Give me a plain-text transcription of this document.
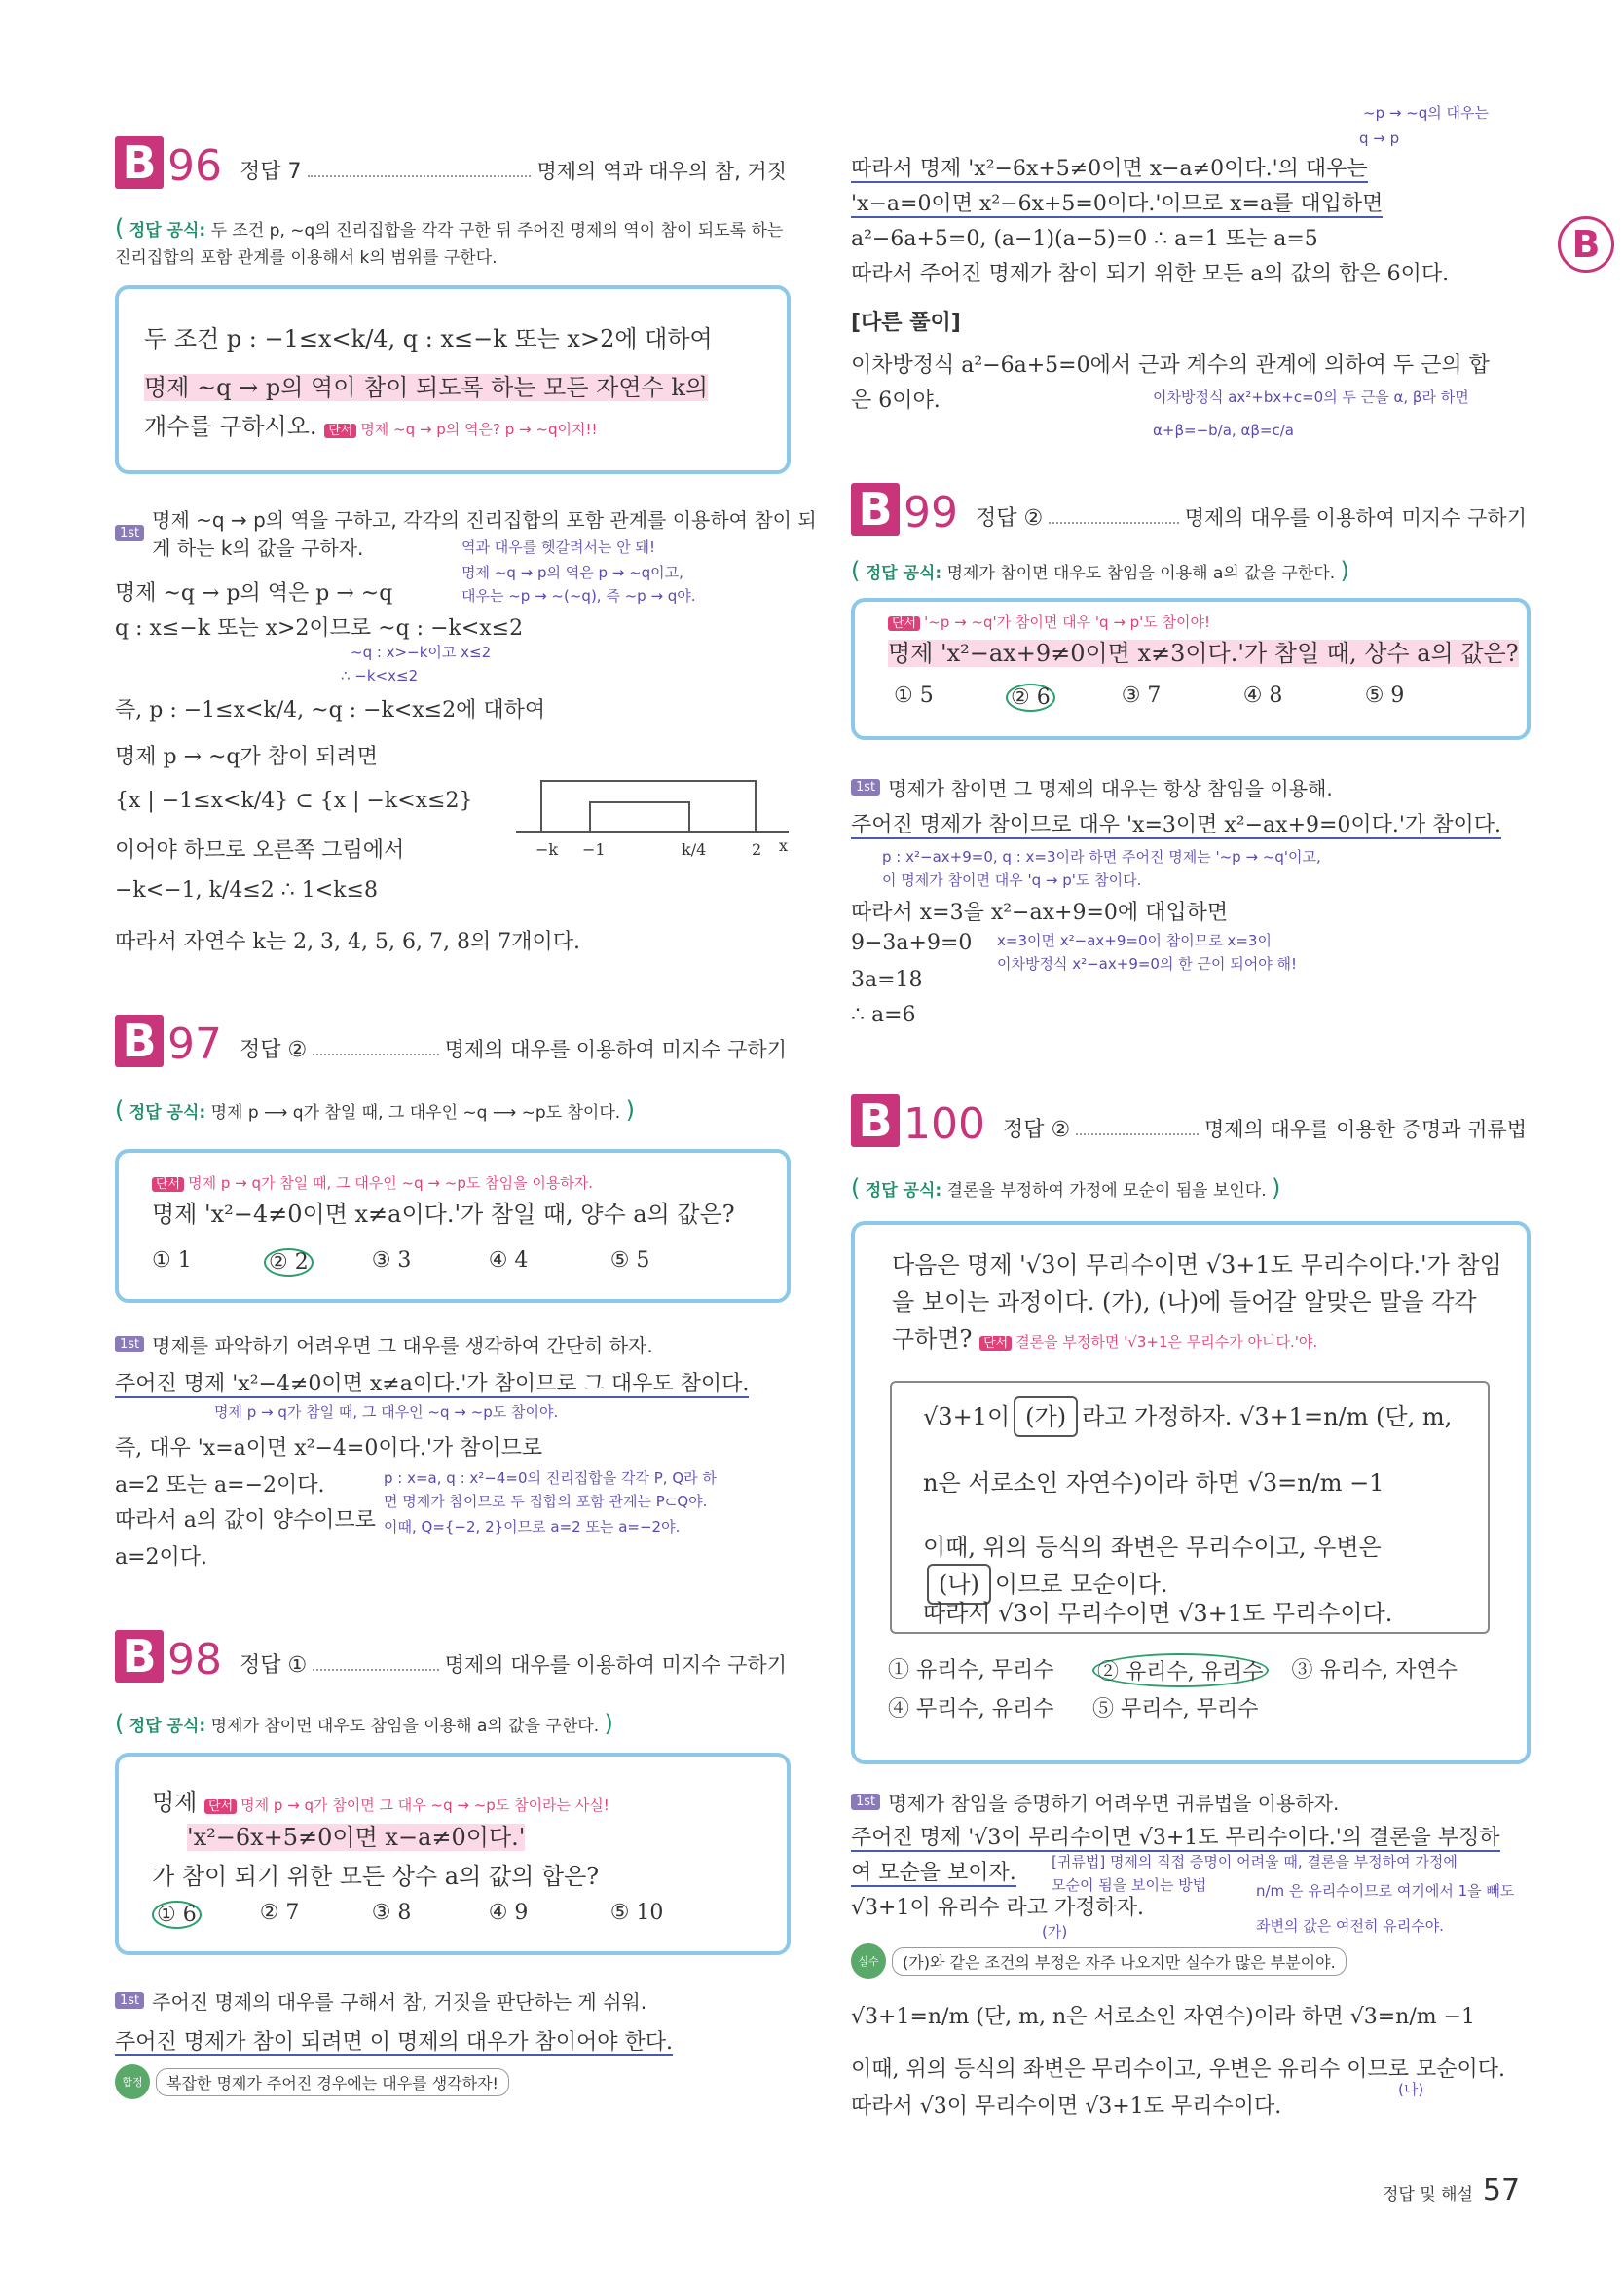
B
B 96 정답 7	명제의 역과 대우의 참, 거짓
( 정답 공식: 두 조건 p, ~q의 진리집합을 각각 구한 뒤 주어진 명제의 역이 참이 되도록 하는 진리집합의 포함 관계를 이용해서 k의 범위를 구한다.
두 조건 p : −1≤x<k/4, q : x≤−k 또는 x>2에 대하여
명제 ~q → p의 역이 참이 되도록 하는 모든 자연수 k의
개수를 구하시오. 단서 명제 ~q → p의 역은? p → ~q이지!!
1st
명제 ~q → p의 역을 구하고, 각각의 진리집합의 포함 관계를 이용하여 참이 되게 하는 k의 값을 구하자.	역과 대우를 헷갈려서는 안 돼!
명제 ~q → p의 역은 p → ~q이고,
대우는 ~p → ~(~q), 즉 ~p → q야.
명제 ~q → p의 역은 p → ~q
q : x≤−k 또는 x>2이므로 ~q : −k<x≤2
~q : x>−k이고 x≤2
∴ −k<x≤2
즉, p : −1≤x<k/4, ~q : −k<x≤2에 대하여
명제 p → ~q가 참이 되려면
{x | −1≤x<k/4} ⊂ {x | −k<x≤2}
이어야 하므로 오른쪽 그림에서
−k<−1, k/4≤2 ∴ 1<k≤8
따라서 자연수 k는 2, 3, 4, 5, 6, 7, 8의 7개이다.
−k −1	k/4	2 x
B 97 정답 ②	명제의 대우를 이용하여 미지수 구하기
( 정답 공식: 명제 p ⟶ q가 참일 때, 그 대우인 ~q ⟶ ~p도 참이다. )
단서 명제 p → q가 참일 때, 그 대우인 ~q → ~p도 참임을 이용하자.
명제 'x²−4≠0이면 x≠a이다.'가 참일 때, 양수 a의 값은?
① 1	② 2	③ 3	④ 4	⑤ 5
1st 명제를 파악하기 어려우면 그 대우를 생각하여 간단히 하자.
주어진 명제 'x²−4≠0이면 x≠a이다.'가 참이므로 그 대우도 참이다.
명제 p → q가 참일 때, 그 대우인 ~q → ~p도 참이야.
즉, 대우 'x=a이면 x²−4=0이다.'가 참이므로
a=2 또는 a=−2이다.
따라서 a의 값이 양수이므로
a=2이다.
p : x=a, q : x²−4=0의 진리집합을 각각 P, Q라 하
면 명제가 참이므로 두 집합의 포함 관계는 P⊂Q야.
이때, Q={−2, 2}이므로 a=2 또는 a=−2야.
B 98 정답 ①	명제의 대우를 이용하여 미지수 구하기
( 정답 공식: 명제가 참이면 대우도 참임을 이용해 a의 값을 구한다. )
명제 단서 명제 p → q가 참이면 그 대우 ~q → ~p도 참이라는 사실!
'x²−6x+5≠0이면 x−a≠0이다.'
가 참이 되기 위한 모든 상수 a의 값의 합은?
① 6	② 7	③ 8	④ 9	⑤ 10
1st 주어진 명제의 대우를 구해서 참, 거짓을 판단하는 게 쉬워.
주어진 명제가 참이 되려면 이 명제의 대우가 참이어야 한다.
합정	복잡한 명제가 주어진 경우에는 대우를 생각하자!
~p → ~q의 대우는
q → p
따라서 명제 'x²−6x+5≠0이면 x−a≠0이다.'의 대우는
'x−a=0이면 x²−6x+5=0이다.'이므로 x=a를 대입하면
a²−6a+5=0, (a−1)(a−5)=0 ∴ a=1 또는 a=5
따라서 주어진 명제가 참이 되기 위한 모든 a의 값의 합은 6이다.
[다른 풀이]
이차방정식 a²−6a+5=0에서 근과 계수의 관계에 의하여 두 근의 합
은 6이야.	이차방정식 ax²+bx+c=0의 두 근을 α, β라 하면
α+β=−b/a, αβ=c/a
B 99 정답 ②	명제의 대우를 이용하여 미지수 구하기
( 정답 공식: 명제가 참이면 대우도 참임을 이용해 a의 값을 구한다. )
단서 '~p → ~q'가 참이면 대우 'q → p'도 참이야!
명제 'x²−ax+9≠0이면 x≠3이다.'가 참일 때, 상수 a의 값은?
① 5	② 6	③ 7	④ 8	⑤ 9
1st 명제가 참이면 그 명제의 대우는 항상 참임을 이용해.
주어진 명제가 참이므로 대우 'x=3이면 x²−ax+9=0이다.'가 참이다.
p : x²−ax+9=0, q : x=3이라 하면 주어진 명제는 '~p → ~q'이고,
이 명제가 참이면 대우 'q → p'도 참이다.
따라서 x=3을 x²−ax+9=0에 대입하면
9−3a+9=0 x=3이면 x²−ax+9=0이 참이므로 x=3이
이차방정식 x²−ax+9=0의 한 근이 되어야 해!
3a=18
∴ a=6
B 100 정답 ②	명제의 대우를 이용한 증명과 귀류법
( 정답 공식: 결론을 부정하여 가정에 모순이 됨을 보인다. )
다음은 명제 '√3이 무리수이면 √3+1도 무리수이다.'가 참임
을 보이는 과정이다. (가), (나)에 들어갈 알맞은 말을 각각
구하면? 단서 결론을 부정하면 '√3+1은 무리수가 아니다.'야.
√3+1이 (가) 라고 가정하자. √3+1=n/m (단, m,
n은 서로소인 자연수)이라 하면 √3=n/m −1
이때, 위의 등식의 좌변은 무리수이고, 우변은
(나) 이므로 모순이다.
따라서 √3이 무리수이면 √3+1도 무리수이다.
① 유리수, 무리수	② 유리수, 유리수 ③ 유리수, 자연수
④ 무리수, 유리수	⑤ 무리수, 무리수
1st 명제가 참임을 증명하기 어려우면 귀류법을 이용하자.
주어진 명제 '√3이 무리수이면 √3+1도 무리수이다.'의 결론을 부정하
여 모순을 보이자. [귀류법] 명제의 직접 증명이 어려울 때, 결론을 부정하여 가정에
모순이 됨을 보이는 방법
√3+1이 유리수 라고 가정하자.
(가)
n/m 은 유리수이므로 여기에서 1을 빼도
좌변의 값은 여전히 유리수야.
실수	(가)와 같은 조건의 부정은 자주 나오지만 실수가 많은 부분이야.
√3+1=n/m (단, m, n은 서로소인 자연수)이라 하면 √3=n/m −1
이때, 위의 등식의 좌변은 무리수이고, 우변은 유리수 이므로 모순이다.
(나)
따라서 √3이 무리수이면 √3+1도 무리수이다.
정답 및 해설 57
